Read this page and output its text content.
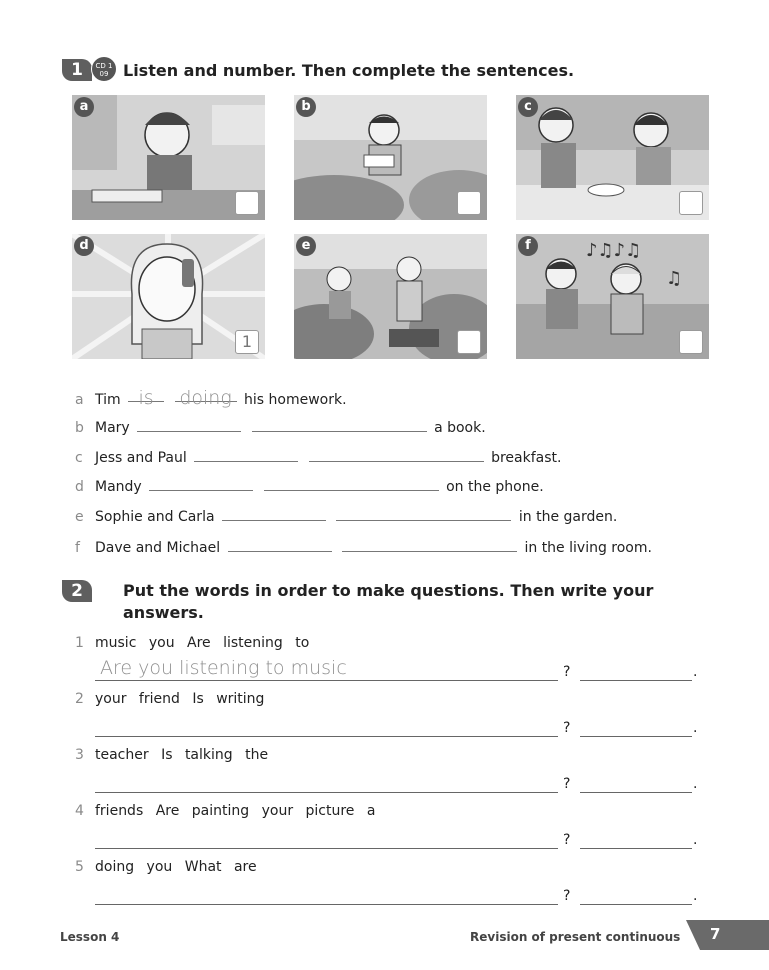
1	CD 1
09 Listen and number. Then complete the sentences.
a	b	c
d
1
e	♪♫♪♫
♫
f
a Tim is doing his homework.
b Mary	a book.
c Jess and Paul	breakfast.
d Mandy	on the phone.
e Sophie and Carla	in the garden.
f Dave and Michael	in the living room.
2	Put the words in order to make questions. Then write your
answers.
1 music you Are listening to
Are you listening to music	?	.
2 your friend Is writing
?	.
3 teacher Is talking the
?	.
4 friends Are painting your picture a
?	.
5 doing you What are
?	.
Lesson 4	Revision of present continuous 7
